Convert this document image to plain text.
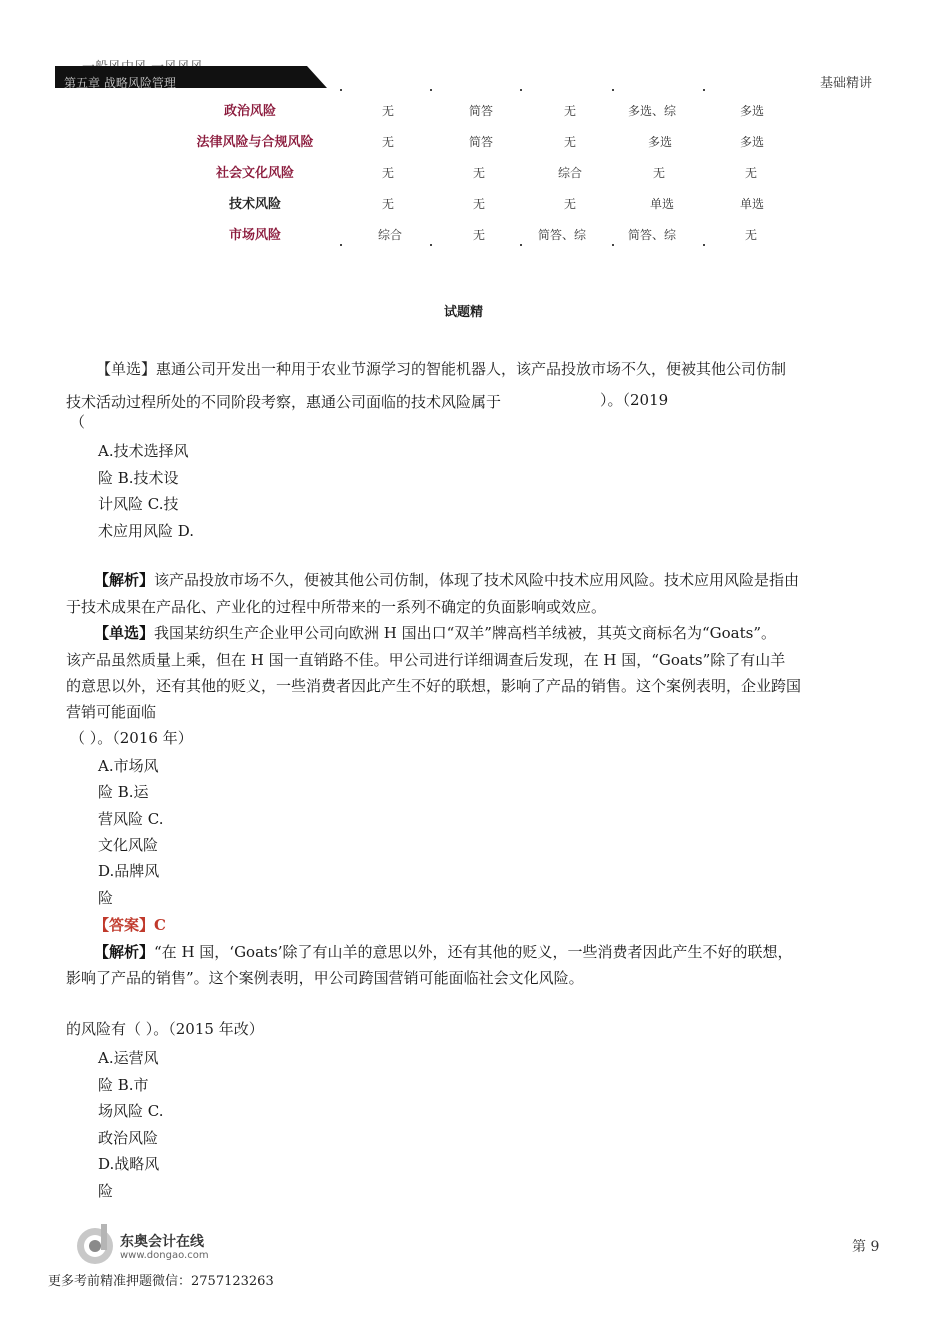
基础精讲
政治风险	无	简答	无	多选、综	多选
法律风险与合规风险	无	简答	无	多选	多选
社会文化风险	无	无	综合	无	无
技术风险	无	无	无	单选	单选
市场风险	综合	无	简答、综	简答、综	无
试题精
【单选】惠通公司开发出一种用于农业节源学习的智能机器人，该产品投放市场不久，便被其他公司仿制
技术活动过程所处的不同阶段考察，惠通公司面临的技术风险属于	）。（2019
（
A.技术选择风
险 B.技术设
计风险 C.技
术应用风险 D.
【解析】该产品投放市场不久，便被其他公司仿制，体现了技术风险中技术应用风险。技术应用风险是指由
于技术成果在产品化、产业化的过程中所带来的一系列不确定的负面影响或效应。
【单选】我国某纺织生产企业甲公司向欧洲 H 国出口“双羊”牌高档羊绒被，其英文商标名为“Goats”。
该产品虽然质量上乘，但在 H 国一直销路不佳。甲公司进行详细调查后发现，在 H 国，“Goats”除了有山羊
的意思以外，还有其他的贬义，一些消费者因此产生不好的联想，影响了产品的销售。这个案例表明，企业跨国
营销可能面临
（ ）。（2016 年）
A.市场风
险 B.运
营风险 C.
文化风险
D.品牌风
险
【答案】C
【解析】“在 H 国，‘Goats’除了有山羊的意思以外，还有其他的贬义，一些消费者因此产生不好的联想，
影响了产品的销售”。这个案例表明，甲公司跨国营销可能面临社会文化风险。
的风险有（ ）。（2015 年改）
A.运营风
险 B.市
场风险 C.
政治风险
D.战略风
险
东奥会计在线
www.dongao.com
第 9
更多考前精准押题微信：2757123263
